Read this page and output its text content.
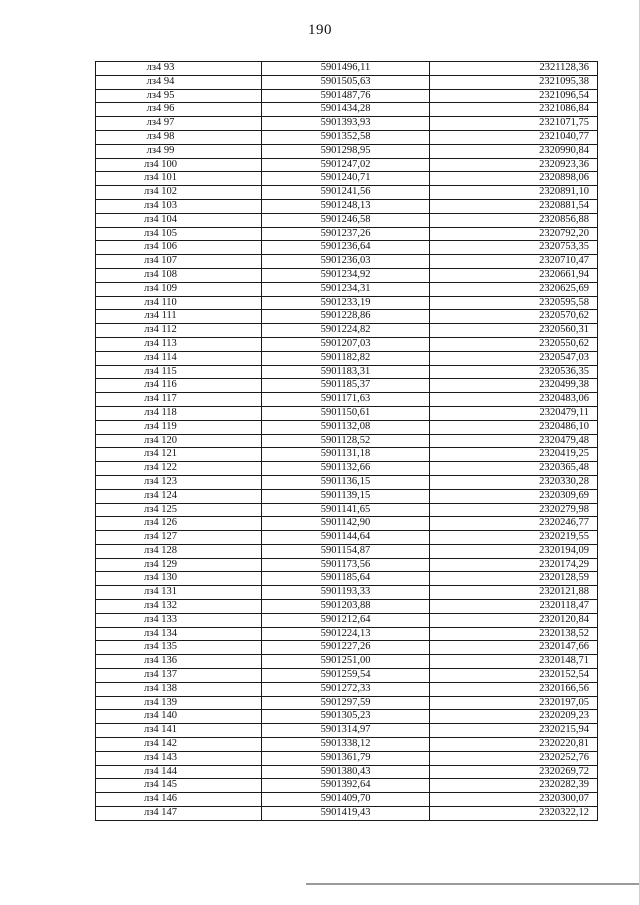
190
лз4 93	5901496,11	2321128,36
лз4 94	5901505,63	2321095,38
лз4 95	5901487,76	2321096,54
лз4 96	5901434,28	2321086,84
лз4 97	5901393,93	2321071,75
лз4 98	5901352,58	2321040,77
лз4 99	5901298,95	2320990,84
лз4 100	5901247,02	2320923,36
лз4 101	5901240,71	2320898,06
лз4 102	5901241,56	2320891,10
лз4 103	5901248,13	2320881,54
лз4 104	5901246,58	2320856,88
лз4 105	5901237,26	2320792,20
лз4 106	5901236,64	2320753,35
лз4 107	5901236,03	2320710,47
лз4 108	5901234,92	2320661,94
лз4 109	5901234,31	2320625,69
лз4 110	5901233,19	2320595,58
лз4 111	5901228,86	2320570,62
лз4 112	5901224,82	2320560,31
лз4 113	5901207,03	2320550,62
лз4 114	5901182,82	2320547,03
лз4 115	5901183,31	2320536,35
лз4 116	5901185,37	2320499,38
лз4 117	5901171,63	2320483,06
лз4 118	5901150,61	2320479,11
лз4 119	5901132,08	2320486,10
лз4 120	5901128,52	2320479,48
лз4 121	5901131,18	2320419,25
лз4 122	5901132,66	2320365,48
лз4 123	5901136,15	2320330,28
лз4 124	5901139,15	2320309,69
лз4 125	5901141,65	2320279,98
лз4 126	5901142,90	2320246,77
лз4 127	5901144,64	2320219,55
лз4 128	5901154,87	2320194,09
лз4 129	5901173,56	2320174,29
лз4 130	5901185,64	2320128,59
лз4 131	5901193,33	2320121,88
лз4 132	5901203,88	2320118,47
лз4 133	5901212,64	2320120,84
лз4 134	5901224,13	2320138,52
лз4 135	5901227,26	2320147,66
лз4 136	5901251,00	2320148,71
лз4 137	5901259,54	2320152,54
лз4 138	5901272,33	2320166,56
лз4 139	5901297,59	2320197,05
лз4 140	5901305,23	2320209,23
лз4 141	5901314,97	2320215,94
лз4 142	5901338,12	2320220,81
лз4 143	5901361,79	2320252,76
лз4 144	5901380,43	2320269,72
лз4 145	5901392,64	2320282,39
лз4 146	5901409,70	2320300,07
лз4 147	5901419,43	2320322,12
